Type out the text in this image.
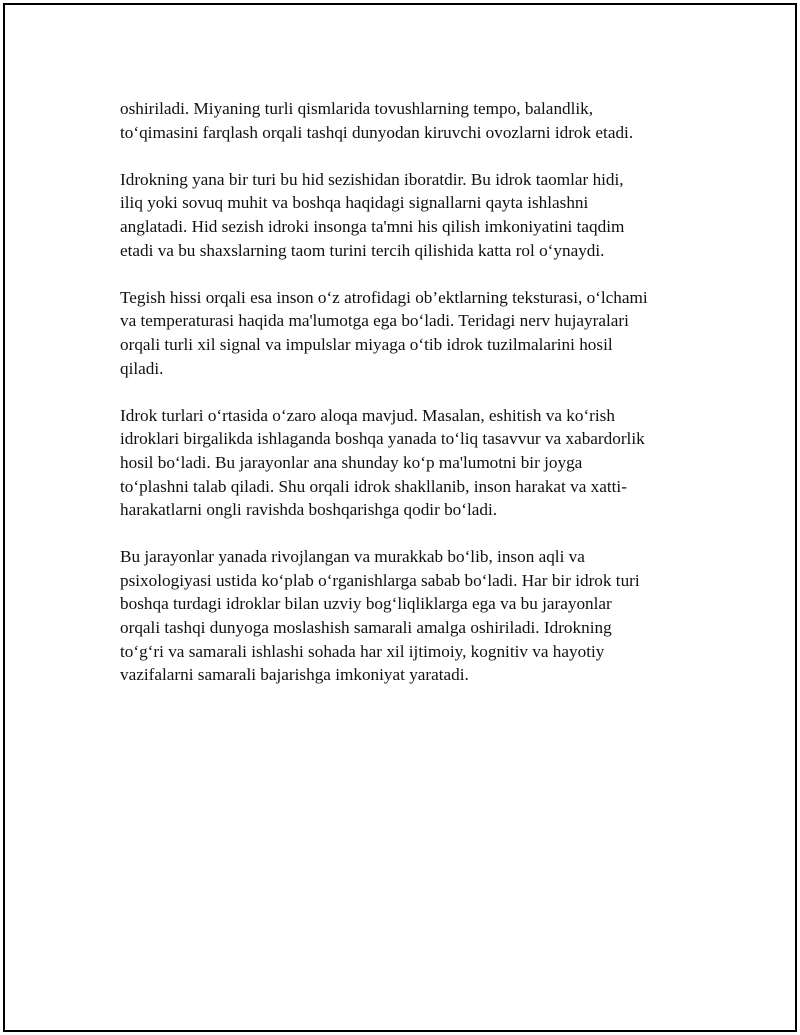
oshiriladi. Miyaning turli qismlarida tovushlarning tempo, balandlik,
to‘qimasini farqlash orqali tashqi dunyodan kiruvchi ovozlarni idrok etadi.

Idrokning yana bir turi bu hid sezishidan iboratdir. Bu idrok taomlar hidi,
iliq yoki sovuq muhit va boshqa haqidagi signallarni qayta ishlashni
anglatadi. Hid sezish idroki insonga ta'mni his qilish imkoniyatini taqdim
etadi va bu shaxslarning taom turini tercih qilishida katta rol o‘ynaydi.

Tegish hissi orqali esa inson o‘z atrofidagi ob’ektlarning teksturasi, o‘lchami
va temperaturasi haqida ma'lumotga ega bo‘ladi. Teridagi nerv hujayralari
orqali turli xil signal va impulslar miyaga o‘tib idrok tuzilmalarini hosil
qiladi.

Idrok turlari o‘rtasida o‘zaro aloqa mavjud. Masalan, eshitish va ko‘rish
idroklari birgalikda ishlaganda boshqa yanada to‘liq tasavvur va xabardorlik
hosil bo‘ladi. Bu jarayonlar ana shunday ko‘p ma'lumotni bir joyga
to‘plashni talab qiladi. Shu orqali idrok shakllanib, inson harakat va xatti-
harakatlarni ongli ravishda boshqarishga qodir bo‘ladi.

Bu jarayonlar yanada rivojlangan va murakkab bo‘lib, inson aqli va
psixologiyasi ustida ko‘plab o‘rganishlarga sabab bo‘ladi. Har bir idrok turi
boshqa turdagi idroklar bilan uzviy bog‘liqliklarga ega va bu jarayonlar
orqali tashqi dunyoga moslashish samarali amalga oshiriladi. Idrokning
to‘g‘ri va samarali ishlashi sohada har xil ijtimoiy, kognitiv va hayotiy
vazifalarni samarali bajarishga imkoniyat yaratadi.
